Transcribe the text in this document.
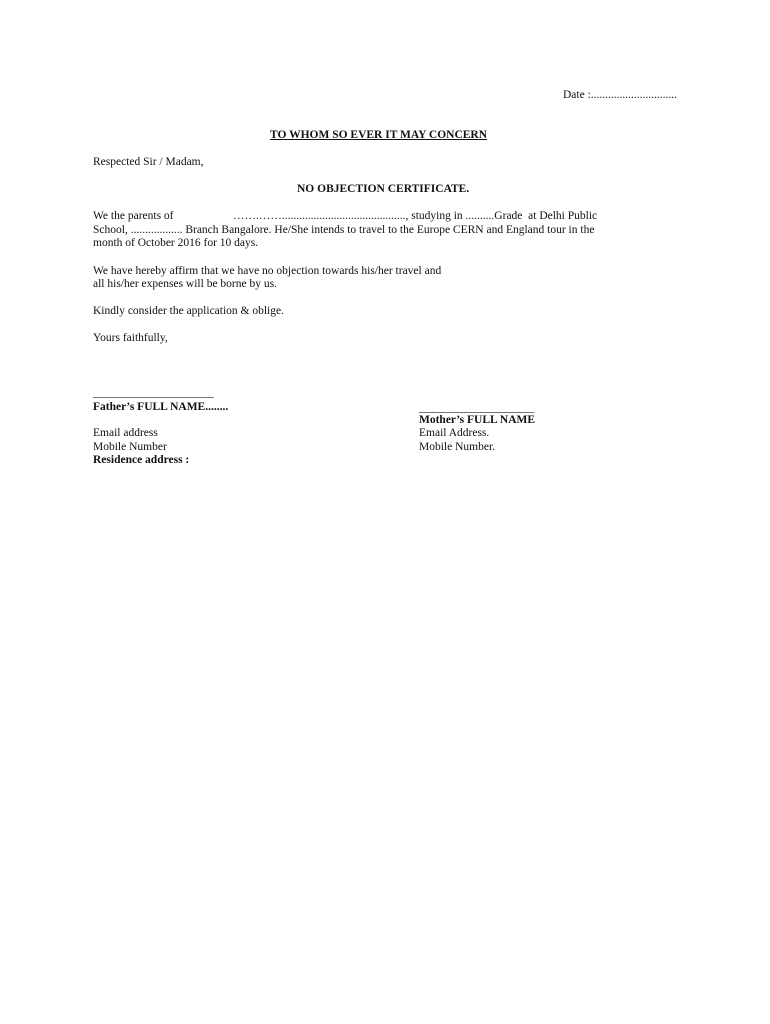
Date :..............................
TO WHOM SO EVER IT MAY CONCERN
Respected Sir / Madam,
NO OBJECTION CERTIFICATE.
We the parents of	…….……..........................................., studying in ..........Grade  at Delhi Public
School, .................. Branch Bangalore. He/She intends to travel to the Europe CERN and England tour in the
month of October 2016 for 10 days.
We have hereby affirm that we have no objection towards his/her travel and
all his/her expenses will be borne by us.
Kindly consider the application & oblige.
Yours faithfully,
_____________________
Father’s FULL NAME........
Email address
Mobile Number
Residence address :
____________________
Mother’s FULL NAME
Email Address.
Mobile Number.
